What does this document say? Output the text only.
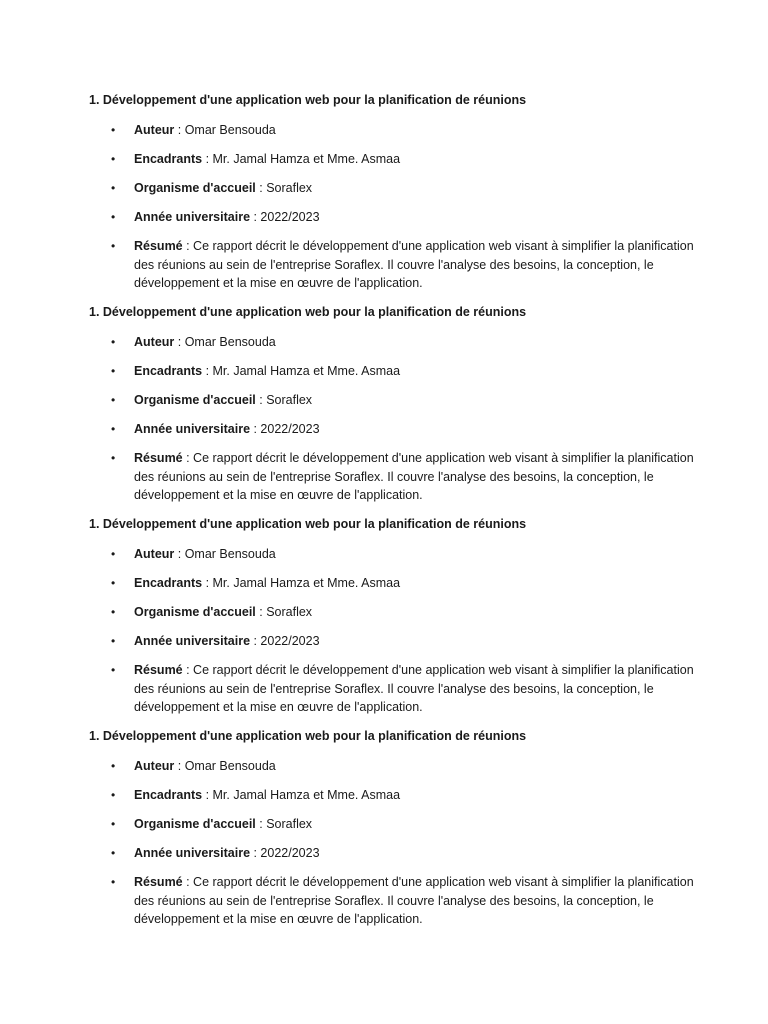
1. Développement d'une application web pour la planification de réunions
• Auteur : Omar Bensouda
• Encadrants : Mr. Jamal Hamza et Mme. Asmaa
• Organisme d'accueil : Soraflex
• Année universitaire : 2022/2023
• Résumé : Ce rapport décrit le développement d'une application web visant à simplifier la planification des réunions au sein de l'entreprise Soraflex. Il couvre l'analyse des besoins, la conception, le développement et la mise en œuvre de l'application.
1. Développement d'une application web pour la planification de réunions
• Auteur : Omar Bensouda
• Encadrants : Mr. Jamal Hamza et Mme. Asmaa
• Organisme d'accueil : Soraflex
• Année universitaire : 2022/2023
• Résumé : Ce rapport décrit le développement d'une application web visant à simplifier la planification des réunions au sein de l'entreprise Soraflex. Il couvre l'analyse des besoins, la conception, le développement et la mise en œuvre de l'application.
1. Développement d'une application web pour la planification de réunions
• Auteur : Omar Bensouda
• Encadrants : Mr. Jamal Hamza et Mme. Asmaa
• Organisme d'accueil : Soraflex
• Année universitaire : 2022/2023
• Résumé : Ce rapport décrit le développement d'une application web visant à simplifier la planification des réunions au sein de l'entreprise Soraflex. Il couvre l'analyse des besoins, la conception, le développement et la mise en œuvre de l'application.
1. Développement d'une application web pour la planification de réunions
• Auteur : Omar Bensouda
• Encadrants : Mr. Jamal Hamza et Mme. Asmaa
• Organisme d'accueil : Soraflex
• Année universitaire : 2022/2023
• Résumé : Ce rapport décrit le développement d'une application web visant à simplifier la planification des réunions au sein de l'entreprise Soraflex. Il couvre l'analyse des besoins, la conception, le développement et la mise en œuvre de l'application.
